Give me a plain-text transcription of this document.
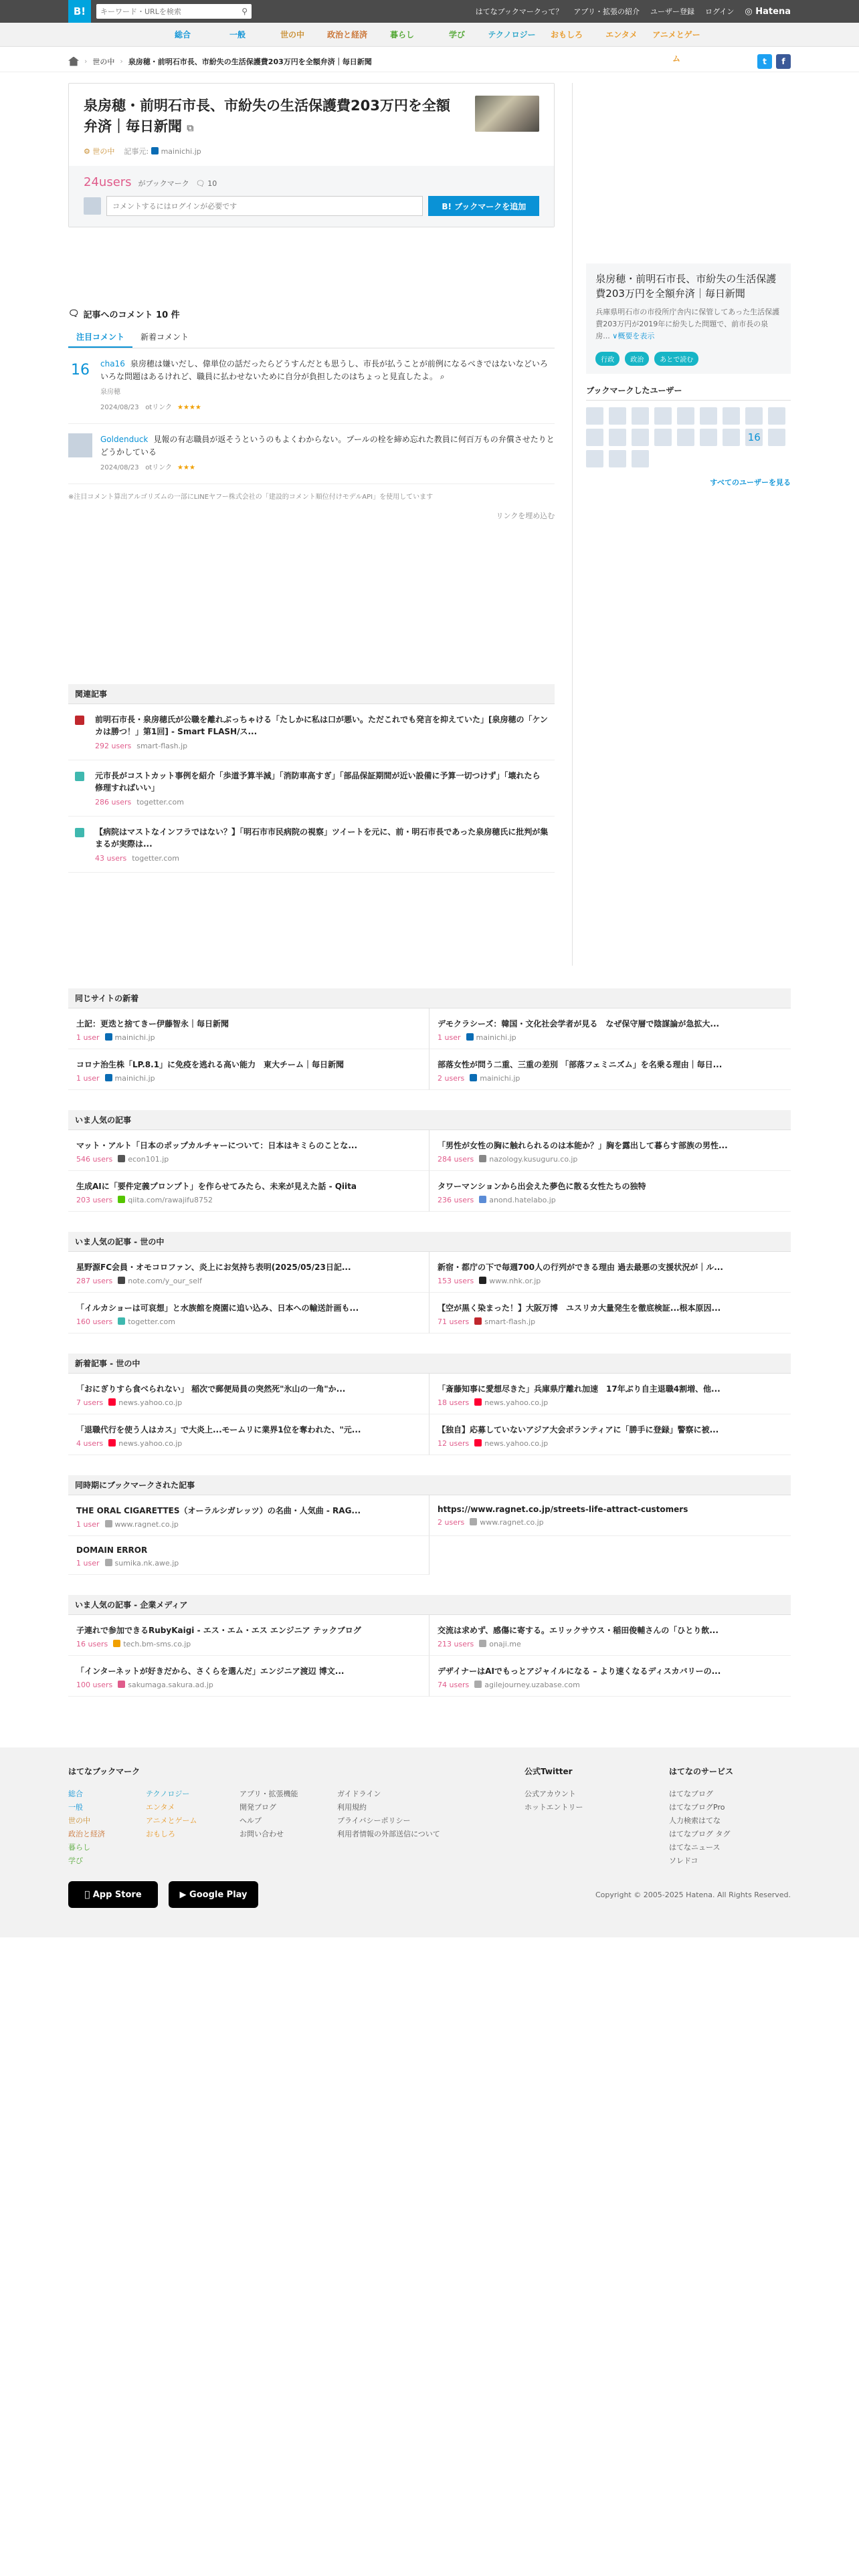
B!
キーワード・URLを検索	⚲	はてなブックマークって？ アプリ・拡張の紹介 ユーザー登録 ログイン ◎ Hatena
総合	一般	世の中	政治と経済	暮らし	学び	テクノロジー	おもしろ	エンタメ	アニメとゲーム
› 世の中 › 泉房穂・前明石市長、市紛失の生活保護費203万円を全額弁済｜毎日新聞	t	f
泉房穂・前明石市長、市紛失の生活保護費203万円を全額弁済｜毎日新聞 ⧉
⚙ 世の中 記事元: mainichi.jp
24users がブックマーク 🗨 10
コメントするにはログインが必要です
B! ブックマークを追加
🗨 記事へのコメント 10 件
注目コメント	新着コメント
16	cha16 泉房穂は嫌いだし、偉単位の話だったらどうすんだとも思うし、市長が払うことが前例になるべきではないなどいろいろな問題はあるけれど、職員に払わせないために自分が負担したのはちょっと見直したよ。 ⌕
泉房穂
2024/08/23 otリンク ★★★★
Goldenduck 見報の有志職員が返そうというのもよくわからない。プールの栓を締め忘れた教員に何百万もの弁償させたりとどうかしている
2024/08/23 otリンク ★★★
※注目コメント算出アルゴリズムの一部にLINEヤフー株式会社の「建設的コメント順位付けモデルAPI」を使用しています
リンクを埋め込む
関連記事
前明石市長・泉房穂氏が公職を離れぶっちゃける「たしかに私は口が悪い。ただこれでも発言を抑えていた」[泉房穂の「ケンカは勝つ！」第1回] - Smart FLASH/ス...
292 users smart-flash.jp
元市長がコストカット事例を紹介「歩道予算半減」「消防車高すぎ」「部品保証期間が近い設備に予算一切つけず」「壊れたら修理すればいい」
286 users togetter.com
【病院はマストなインフラではない？】「明石市市民病院の視察」ツイートを元に、前・明石市長であった泉房穂氏に批判が集まるが実際は...
43 users togetter.com
泉房穂・前明石市長、市紛失の生活保護費203万円を全額弁済｜毎日新聞
兵庫県明石市の市役所庁舎内に保管してあった生活保護費203万円が2019年に紛失した問題で、前市長の泉房... ∨概要を表示
行政	政治	あとで読む
ブックマークしたユーザー
16
すべてのユーザーを見る
同じサイトの新着
土記：更迭と捨てきー伊藤智永｜毎日新聞
1 user mainichi.jp
デモクラシーズ：韓国・文化社会学者が見る　なぜ保守層で陰謀論が急拡大...
1 user mainichi.jp
コロナ治生株「LP.8.1」に免疫を逃れる高い能力　東大チーム｜毎日新聞
1 user mainichi.jp
部落女性が問う二重、三重の差別 「部落フェミニズム」を名乗る理由｜毎日...
2 users mainichi.jp
いま人気の記事
マット・アルト「日本のポップカルチャーについて：日本はキミらのことな...
546 users econ101.jp
「男性が女性の胸に触れられるのは本能か？」胸を露出して暮らす部族の男性...
284 users nazology.kusuguru.co.jp
生成AIに「要件定義プロンプト」を作らせてみたら、未来が見えた話 - Qiita
203 users qiita.com/rawajifu8752
タワーマンションから出会えた夢色に散る女性たちの独特
236 users anond.hatelabo.jp
いま人気の記事 - 世の中
星野源FC会員・オモコロファン、炎上にお気持ち表明(2025/05/23日記...
287 users note.com/y_our_self
新宿・都庁の下で毎週700人の行列ができる理由 過去最悪の支援状況が｜ル...
153 users www.nhk.or.jp
「イルカショーは可哀想」と水族館を廃園に追い込み、日本への輸送計画も...
160 users togetter.com
【空が黒く染まった！】大阪万博　ユスリカ大量発生を徹底検証...根本原因...
71 users smart-flash.jp
新着記事 - 世の中
「おにぎりすら食べられない」 稲次で郵便局員の突然死"氷山の一角"か...
7 users news.yahoo.co.jp
「斎藤知事に愛想尽きた」兵庫県庁離れ加速　17年ぶり自主退職4割増、他...
18 users news.yahoo.co.jp
「退職代行を使う人はカス」で大炎上...モームリに業界1位を奪われた、"元...
4 users news.yahoo.co.jp
【独自】応募していないアジア大会ボランティアに「勝手に登録」警察に被...
12 users news.yahoo.co.jp
同時期にブックマークされた記事
THE ORAL CIGARETTES（オーラルシガレッツ）の名曲・人気曲 - RAG...
1 user www.ragnet.co.jp
https://www.ragnet.co.jp/streets-life-attract-customers
2 users www.ragnet.co.jp
DOMAIN ERROR
1 user sumika.nk.awe.jp
いま人気の記事 - 企業メディア
子連れで参加できるRubyKaigi - エス・エム・エス エンジニア テックブログ
16 users tech.bm-sms.co.jp
交流は求めず、感傷に寄する。エリックサウス・稲田俊輔さんの「ひとり飲...
213 users onaji.me
「インターネットが好きだから、さくらを選んだ」エンジニア渡辺 博文...
100 users sakumaga.sakura.ad.jp
デザイナーはAIでもっとアジャイルになる – より速くなるディスカバリーの...
74 users agilejourney.uzabase.com
はてなブックマーク
総合
一般
世の中
政治と経済
暮らし
学び
テクノロジー
エンタメ
アニメとゲーム
おもしろ
アプリ・拡張機能
開発ブログ
ヘルプ
お問い合わせ
ガイドライン
利用規約
プライバシーポリシー
利用者情報の外部送信について
公式Twitter
公式アカウント
ホットエントリー
はてなのサービス
はてなブログ
はてなブログPro
人力検索はてな
はてなブログ タグ
はてなニュース
ソレドコ

App Store	▶
Google Play	Copyright © 2005-2025 Hatena. All Rights Reserved.
